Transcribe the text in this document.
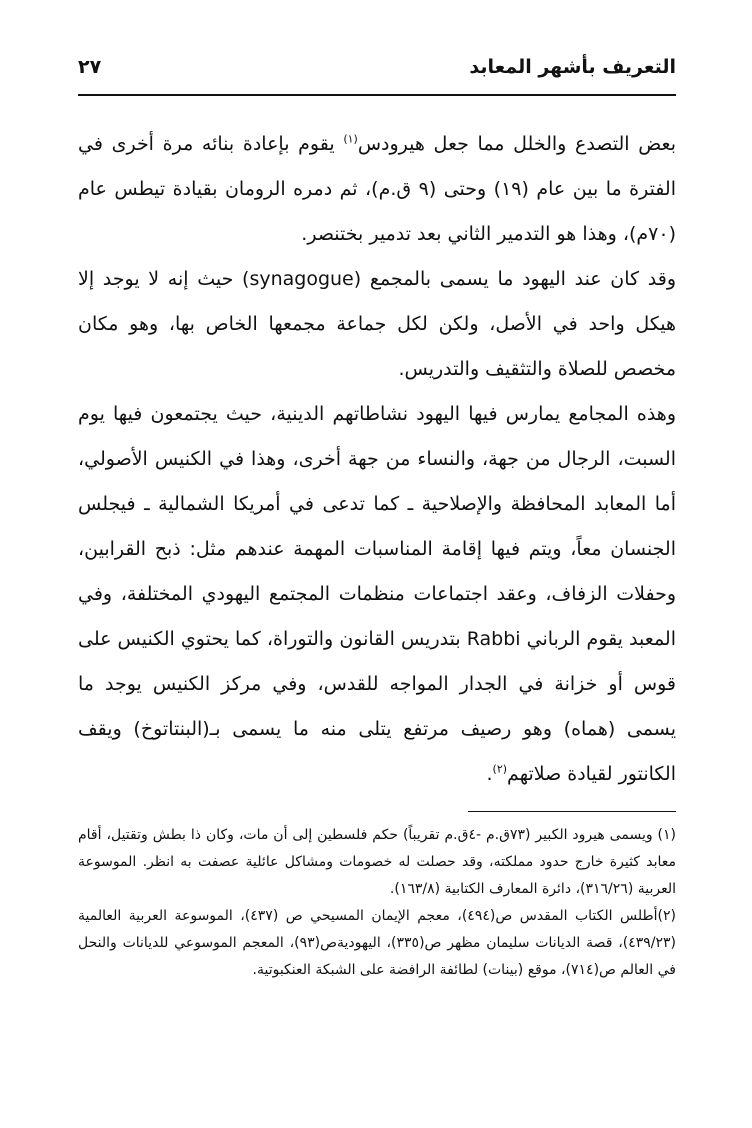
التعريف بأشهر المعابد
٢٧

بعض التصدع والخلل مما جعل هيرودس$^{(١)}$ يقوم بإعادة بنائه مرة أخرى في الفترة ما بين عام (١٩) وحتى (٩ ق.م)، ثم دمره الرومان بقيادة تيطس عام (٧٠م)، وهذا هو التدمير الثاني بعد تدمير بختنصر.

وقد كان عند اليهود ما يسمى بالمجمع (synagogue) حيث إنه لا يوجد إلا هيكل واحد في الأصل، ولكن لكل جماعة مجمعها الخاص بها، وهو مكان مخصص للصلاة والتثقيف والتدريس.

وهذه المجامع يمارس فيها اليهود نشاطاتهم الدينية، حيث يجتمعون فيها يوم السبت، الرجال من جهة، والنساء من جهة أخرى، وهذا في الكنيس الأصولي، أما المعابد المحافظة والإصلاحية ـ كما تدعى في أمريكا الشمالية ـ فيجلس الجنسان معاً، ويتم فيها إقامة المناسبات المهمة عندهم مثل: ذبح القرابين، وحفلات الزفاف، وعقد اجتماعات منظمات المجتمع اليهودي المختلفة، وفي المعبد يقوم الرباني Rabbi بتدريس القانون والتوراة، كما يحتوي الكنيس على قوس أو خزانة في الجدار المواجه للقدس، وفي مركز الكنيس يوجد ما يسمى (هماه) وهو رصيف مرتفع يتلى منه ما يسمى بـ(البنتاتوخ) ويقف الكانتور لقيادة صلاتهم$^{(٢)}$.

(١) ويسمى هيرود الكبير (٧٣ق.م -٤ق.م تقريباً) حكم فلسطين إلى أن مات، وكان ذا بطش وتقتيل، أقام معابد كثيرة خارج حدود مملكته، وقد حصلت له خصومات ومشاكل عائلية عصفت به انظر. الموسوعة العربية (٣١٦/٢٦)، دائرة المعارف الكتابية (١٦٣/٨).

(٢)أطلس الكتاب المقدس ص(٤٩٤)، معجم الإيمان المسيحي ص (٤٣٧)، الموسوعة العربية العالمية (٤٣٩/٢٣)، قصة الديانات سليمان مظهر ص(٣٣٥)، اليهوديةص(٩٣)، المعجم الموسوعي للديانات والنحل في العالم ص(٧١٤)، موقع (بينات) لطائفة الرافضة على الشبكة العنكبوتية.
